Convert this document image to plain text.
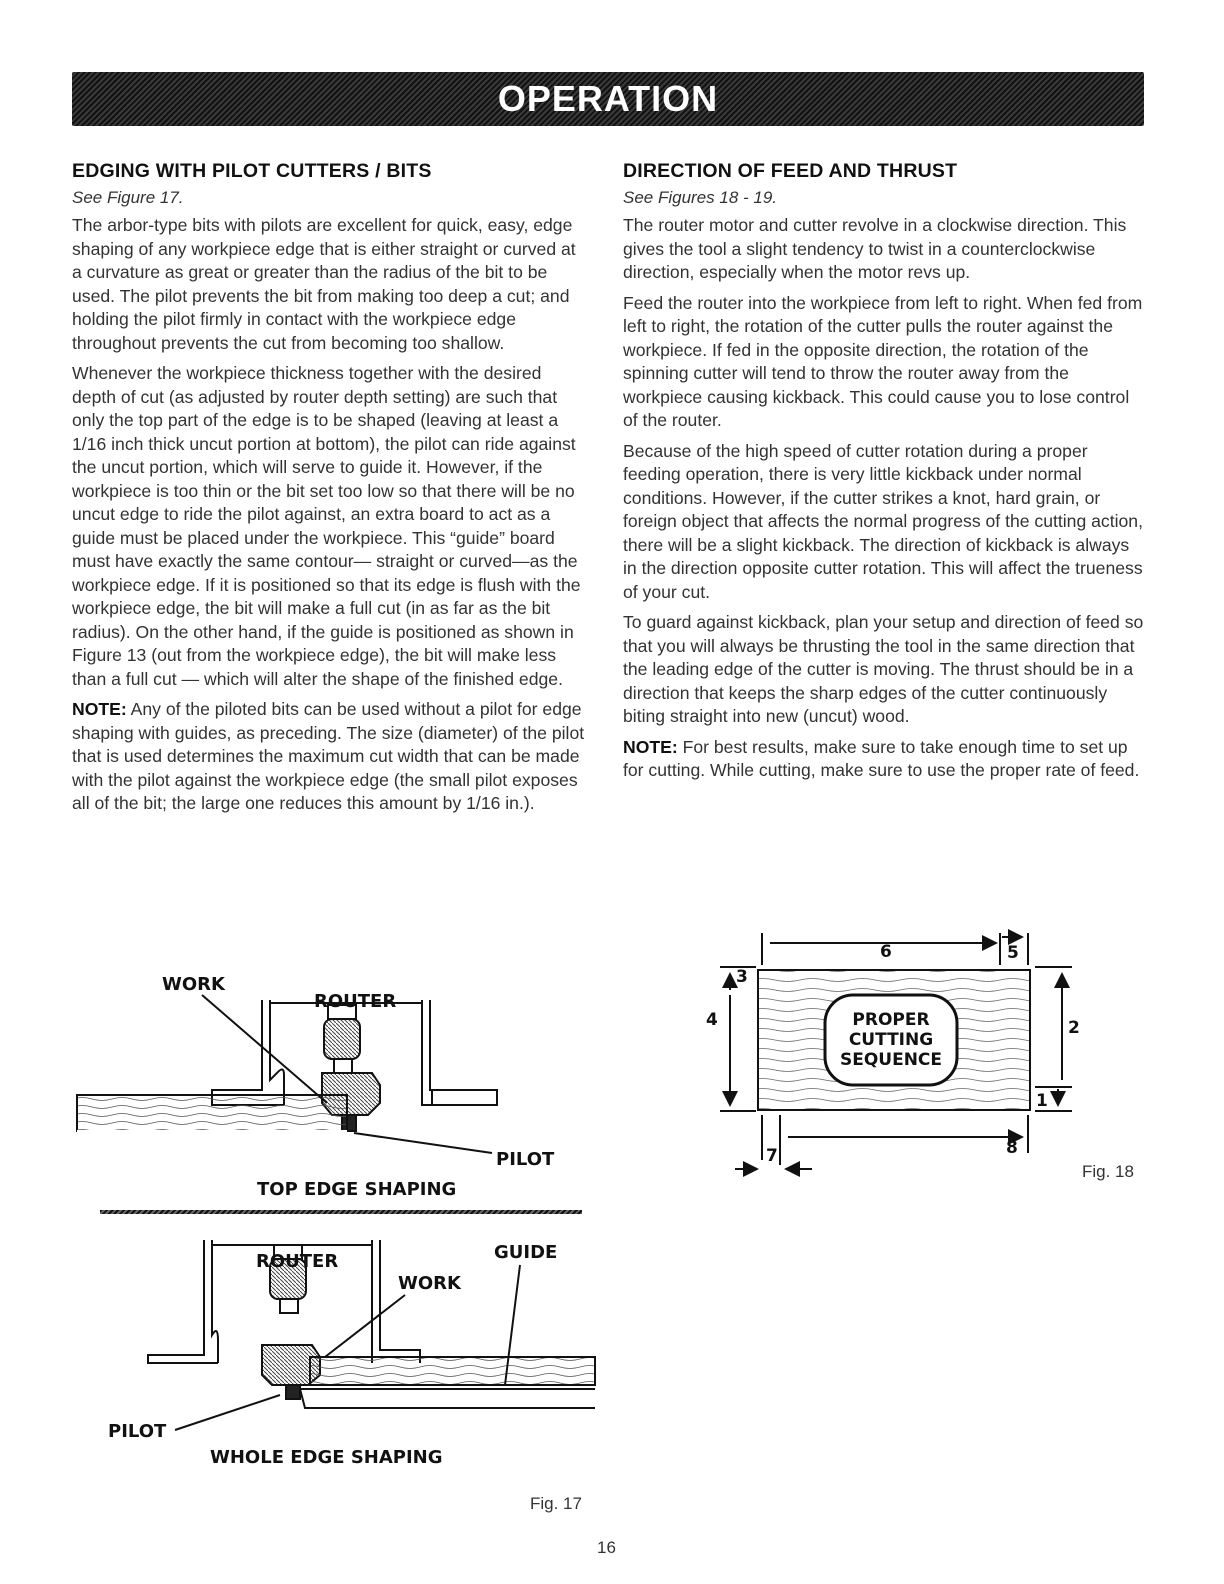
OPERATION
EDGING WITH PILOT CUTTERS / BITS
See Figure 17.

The arbor-type bits with pilots are excellent for quick, easy, edge shaping of any workpiece edge that is either straight or curved at a curvature as great or greater than the radius of the bit to be used. The pilot prevents the bit from making too deep a cut; and holding the pilot firmly in contact with the workpiece edge throughout prevents the cut from becoming too shallow.

Whenever the workpiece thickness together with the desired depth of cut (as adjusted by router depth setting) are such that only the top part of the edge is to be shaped (leaving at least a 1/16 inch thick uncut portion at bottom), the pilot can ride against the uncut portion, which will serve to guide it. However, if the workpiece is too thin or the bit set too low so that there will be no uncut edge to ride the pilot against, an extra board to act as a guide must be placed under the workpiece. This “guide” board must have exactly the same contour— straight or curved—as the workpiece edge. If it is positioned so that its edge is flush with the workpiece edge, the bit will make a full cut (in as far as the bit radius). On the other hand, if the guide is positioned as shown in Figure 13 (out from the workpiece edge), the bit will make less than a full cut — which will alter the shape of the finished edge.

NOTE: Any of the piloted bits can be used without a pilot for edge shaping with guides, as preceding. The size (diameter) of the pilot that is used determines the maximum cut width that can be made with the pilot against the workpiece edge (the small pilot exposes all of the bit; the large one reduces this amount by 1/16 in.).

DIRECTION OF FEED AND THRUST
See Figures 18 - 19.

The router motor and cutter revolve in a clockwise direction. This gives the tool a slight tendency to twist in a counterclockwise direction, especially when the motor revs up.

Feed the router into the workpiece from left to right. When fed from left to right, the rotation of the cutter pulls the router against the workpiece. If fed in the opposite direction, the rotation of the spinning cutter will tend to throw the router away from the workpiece causing kickback. This could cause you to lose control of the router.

Because of the high speed of cutter rotation during a proper feeding operation, there is very little kickback under normal conditions. However, if the cutter strikes a knot, hard grain, or foreign object that affects the normal progress of the cutting action, there will be a slight kickback. The direction of kickback is always in the direction opposite cutter rotation. This will affect the trueness of your cut.

To guard against kickback, plan your setup and direction of feed so that you will always be thrusting the tool in the same direction that the leading edge of the cutter is moving. The thrust should be in a direction that keeps the sharp edges of the cutter continuously biting straight into new (uncut) wood.

NOTE: For best results, make sure to take enough time to set up for cutting. While cutting, make sure to use the proper rate of feed.

WORK
ROUTER
PILOT
TOP EDGE SHAPING
ROUTER
WORK
GUIDE
PILOT
WHOLE EDGE SHAPING
Fig. 17
PROPER
CUTTING
SEQUENCE
6	5
3
4	2
1
8
7
Fig. 18
16
